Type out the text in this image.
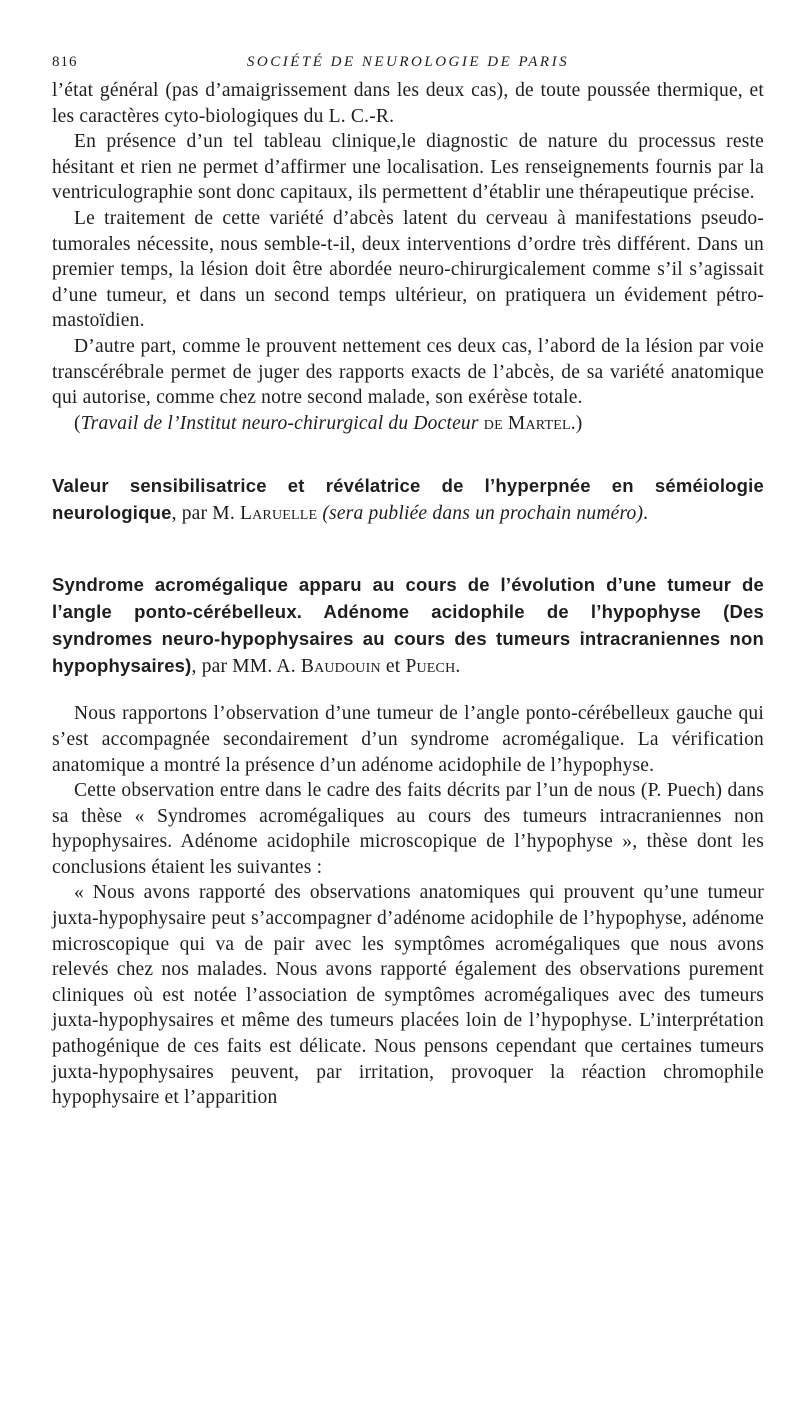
816	SOCIÉTÉ DE NEUROLOGIE DE PARIS

l’état général (pas d’amaigrissement dans les deux cas), de toute poussée thermique, et les caractères cyto-biologiques du L. C.-R.

En présence d’un tel tableau clinique,le diagnostic de nature du processus reste hésitant et rien ne permet d’affirmer une localisation. Les renseignements fournis par la ventriculographie sont donc capitaux, ils permettent d’établir une thérapeutique précise.

Le traitement de cette variété d’abcès latent du cerveau à manifestations pseudo-tumorales nécessite, nous semble-t-il, deux interventions d’ordre très différent. Dans un premier temps, la lésion doit être abordée neuro-chirurgicalement comme s’il s’agissait d’une tumeur, et dans un second temps ultérieur, on pratiquera un évidement pétro-mastoïdien.

D’autre part, comme le prouvent nettement ces deux cas, l’abord de la lésion par voie transcérébrale permet de juger des rapports exacts de l’abcès, de sa variété anatomique qui autorise, comme chez notre second malade, son exérèse totale.

(Travail de l’Institut neuro-chirurgical du Docteur de Martel.)

Valeur sensibilisatrice et révélatrice de l’hyperpnée en séméiologie neurologique, par M. Laruelle (sera publiée dans un prochain numéro).

Syndrome acromégalique apparu au cours de l’évolution d’une tumeur de l’angle ponto-cérébelleux. Adénome acidophile de l’hypophyse (Des syndromes neuro-hypophysaires au cours des tumeurs intracraniennes non hypophysaires), par MM. A. Baudouin et Puech.

Nous rapportons l’observation d’une tumeur de l’angle ponto-cérébelleux gauche qui s’est accompagnée secondairement d’un syndrome acromégalique. La vérification anatomique a montré la présence d’un adénome acidophile de l’hypophyse.

Cette observation entre dans le cadre des faits décrits par l’un de nous (P. Puech) dans sa thèse « Syndromes acromégaliques au cours des tumeurs intracraniennes non hypophysaires. Adénome acidophile microscopique de l’hypophyse », thèse dont les conclusions étaient les suivantes :

« Nous avons rapporté des observations anatomiques qui prouvent qu’une tumeur juxta-hypophysaire peut s’accompagner d’adénome acidophile de l’hypophyse, adénome microscopique qui va de pair avec les symptômes acromégaliques que nous avons relevés chez nos malades. Nous avons rapporté également des observations purement cliniques où est notée l’association de symptômes acromégaliques avec des tumeurs juxta-hypophysaires et même des tumeurs placées loin de l’hypophyse. L’interprétation pathogénique de ces faits est délicate. Nous pensons cependant que certaines tumeurs juxta-hypophysaires peuvent, par irritation, provoquer la réaction chromophile hypophysaire et l’apparition
